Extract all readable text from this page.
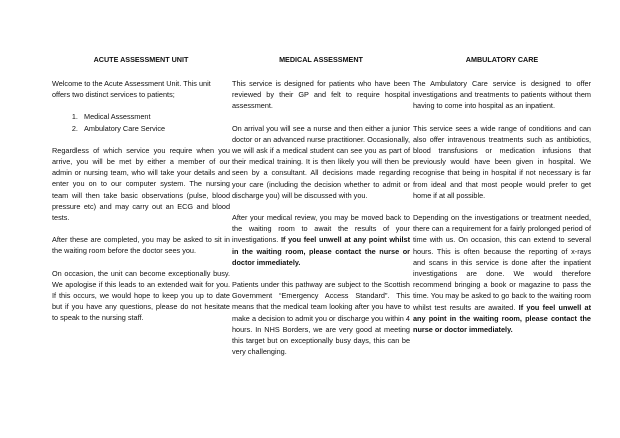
ACUTE ASSESSMENT UNIT

Welcome to the Acute Assessment Unit. This unit offers two distinct services to patients;

1. Medical Assessment
2. Ambulatory Care Service

Regardless of which service you require when you arrive, you will be met by either a member of our admin or nursing team, who will take your details and enter you on to our computer system. The nursing team will then take basic observations (pulse, blood pressure etc) and may carry out an ECG and blood tests.

After these are completed, you may be asked to sit in the waiting room before the doctor sees you.

On occasion, the unit can become exceptionally busy. We apologise if this leads to an extended wait for you. If this occurs, we would hope to keep you up to date but if you have any questions, please do not hesitate to speak to the nursing staff.

MEDICAL ASSESSMENT

This service is designed for patients who have been reviewed by their GP and felt to require hospital assessment.

On arrival you will see a nurse and then either a junior doctor or an advanced nurse practitioner. Occasionally, we will ask if a medical student can see you as part of their medical training. It is then likely you will then be seen by a consultant. All decisions made regarding your care (including the decision whether to admit or discharge you) will be discussed with you.

After your medical review, you may be moved back to the waiting room to await the results of your investigations. If you feel unwell at any point whilst in the waiting room, please contact the nurse or doctor immediately.

Patients under this pathway are subject to the Scottish Government “Emergency Access Standard”. This means that the medical team looking after you have to make a decision to admit you or discharge you within 4 hours. In NHS Borders, we are very good at meeting this target but on exceptionally busy days, this can be very challenging.

AMBULATORY CARE

The Ambulatory Care service is designed to offer investigations and treatments to patients without them having to come into hospital as an inpatient.

This service sees a wide range of conditions and can also offer intravenous treatments such as antibiotics, blood transfusions or medication infusions that previously would have been given in hospital. We recognise that being in hospital if not necessary is far from ideal and that most people would prefer to get home if at all possible.

Depending on the investigations or treatment needed, there can a requirement for a fairly prolonged period of time with us. On occasion, this can extend to several hours. This is often because the reporting of x-rays and scans in this service is done after the inpatient investigations are done. We would therefore recommend bringing a book or magazine to pass the time. You may be asked to go back to the waiting room whilst test results are awaited. If you feel unwell at any point in the waiting room, please contact the nurse or doctor immediately.
